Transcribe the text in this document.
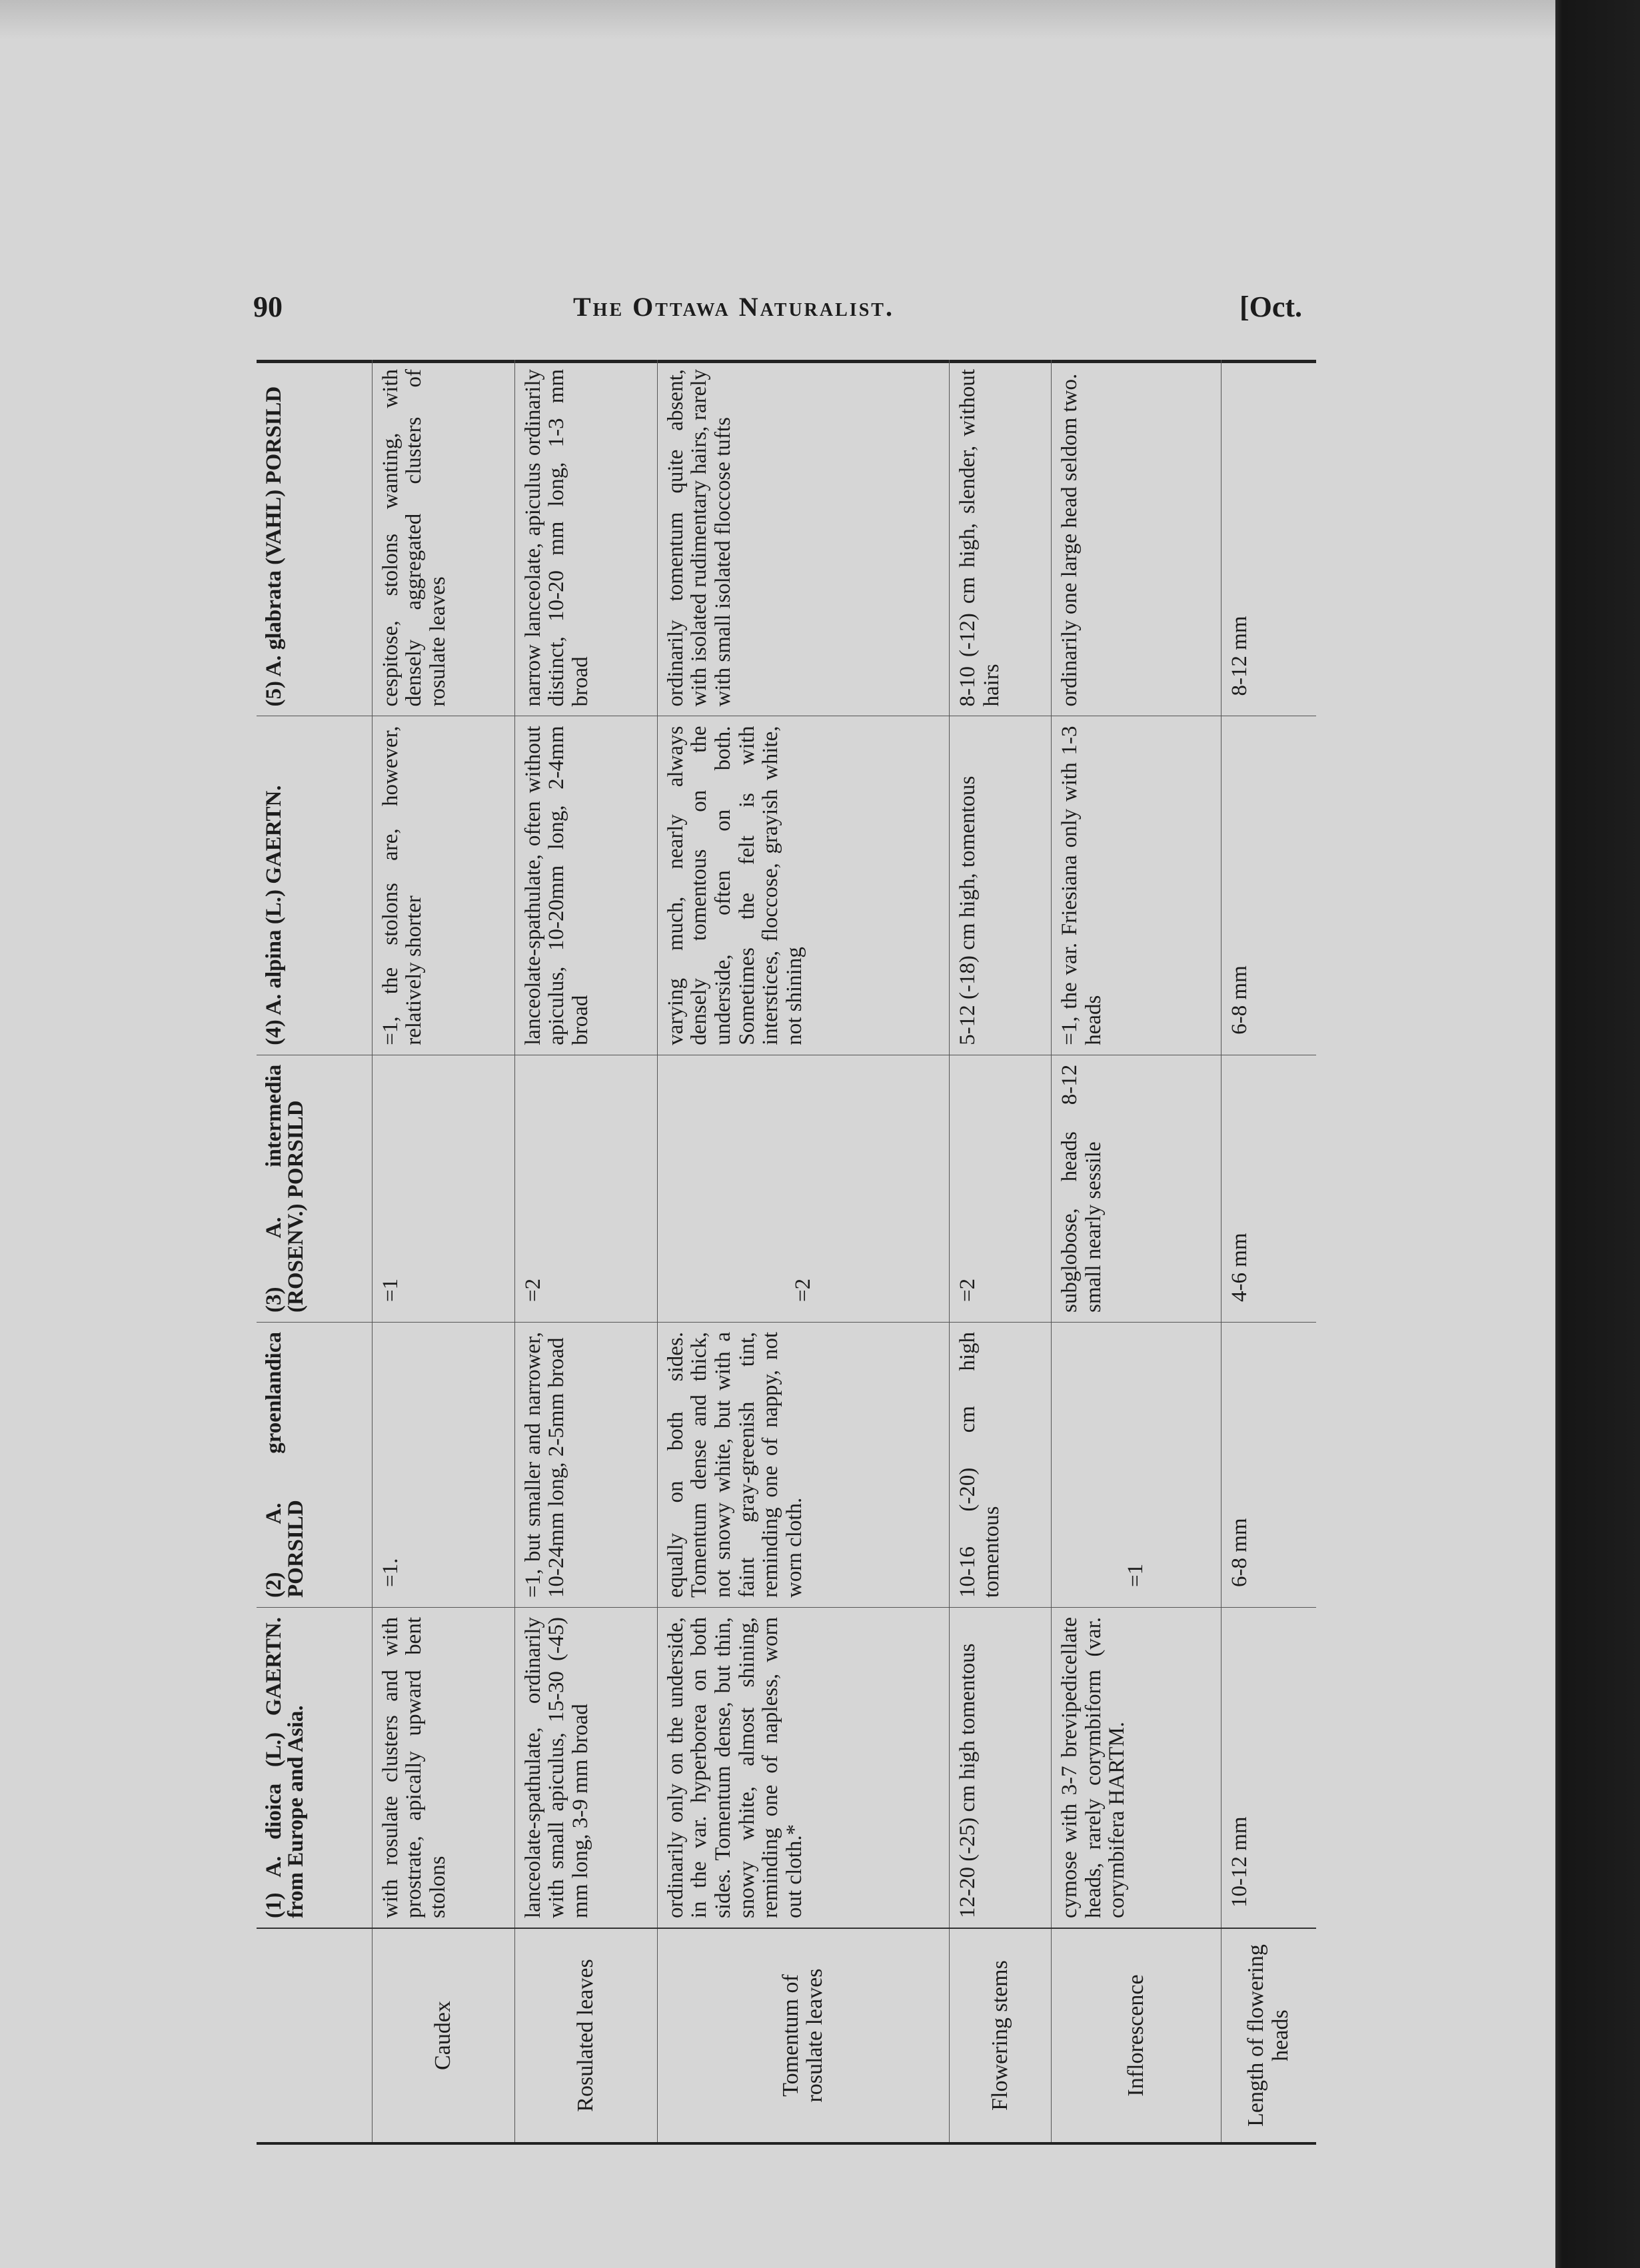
90	The Ottawa Naturalist.	[Oct.
	(1) A. dioica (L.) GAERTN. from Europe and Asia.	(2) A. groenlandica PORSILD	(3) A. intermedia (ROSENV.) PORSILD	(4) A. alpina (L.) GAERTN.	(5) A. glabrata (VAHL) PORSILD
Caudex	with rosulate clusters and with prostrate, apically upward bent stolons	=1.	=1	=1, the stolons are, however, relatively shorter	cespitose, stolons wanting, with densely aggregated clusters of rosulate leaves
Rosulated leaves	lanceolate-spathulate, ordinarily with small apiculus, 15-30 (-45) mm long, 3-9 mm broad	=1, but smaller and narrower, 10-24mm long, 2-5mm broad	=2	lanceolate-spathulate, often without apiculus, 10-20mm long, 2-4mm broad	narrow lanceolate, apiculus ordinarily distinct, 10-20 mm long, 1-3 mm broad
Tomentum of rosulate leaves	ordinarily only on the underside, in the var. hyperborea on both sides. Tomentum dense, but thin, snowy white, almost shining, reminding one of napless, worn out cloth.*	equally on both sides. Tomentum dense and thick, not snowy white, but with a faint gray-greenish tint, reminding one of nappy, not worn cloth.	=2	varying much, nearly always densely tomentous on the underside, often on both. Sometimes the felt is with interstices, floccose, grayish white, not shining	ordinarily tomentum quite absent, with isolated rudimentary hairs, rarely with small isolated floccose tufts
Flowering stems	12-20 (-25) cm high tomentous	10-16 (-20) cm high tomentous	=2	5-12 (-18) cm high, tomentous	8-10 (-12) cm high, slender, without hairs
Inflorescence	cymose with 3-7 brevipedicellate heads, rarely corymbiform (var. corymbifera HARTM.	=1	subglobose, heads 8-12 small nearly sessile	=1, the var. Friesiana only with 1-3 heads	ordinarily one large head seldom two.
Length of flowering heads	10-12 mm	6-8 mm	4-6 mm	6-8 mm	8-12 mm
